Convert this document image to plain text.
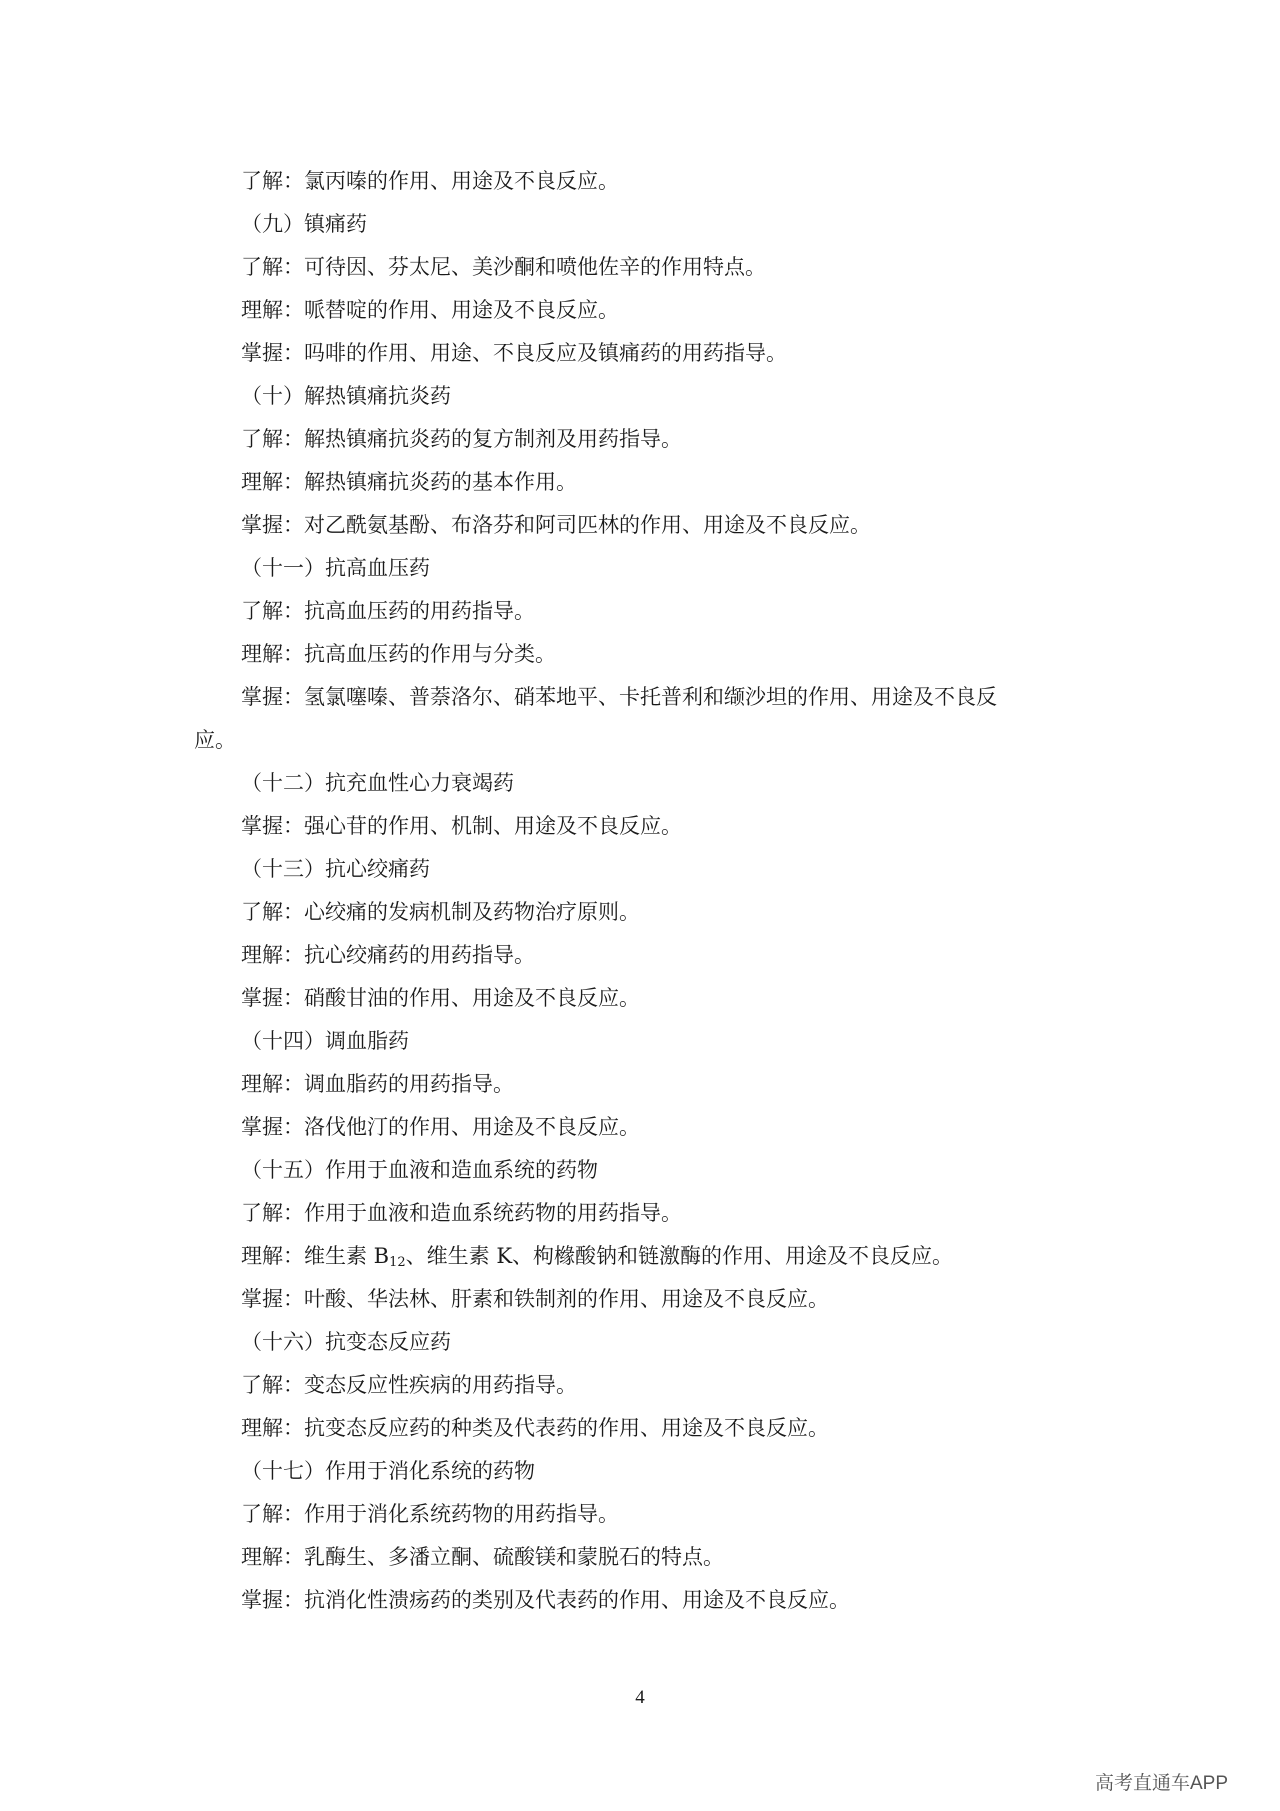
了解：氯丙嗪的作用、用途及不良反应。
（九）镇痛药
了解：可待因、芬太尼、美沙酮和喷他佐辛的作用特点。
理解：哌替啶的作用、用途及不良反应。
掌握：吗啡的作用、用途、不良反应及镇痛药的用药指导。
（十）解热镇痛抗炎药
了解：解热镇痛抗炎药的复方制剂及用药指导。
理解：解热镇痛抗炎药的基本作用。
掌握：对乙酰氨基酚、布洛芬和阿司匹林的作用、用途及不良反应。
（十一）抗高血压药
了解：抗高血压药的用药指导。
理解：抗高血压药的作用与分类。
掌握：氢氯噻嗪、普萘洛尔、硝苯地平、卡托普利和缬沙坦的作用、用途及不良反
应。
（十二）抗充血性心力衰竭药
掌握：强心苷的作用、机制、用途及不良反应。
（十三）抗心绞痛药
了解：心绞痛的发病机制及药物治疗原则。
理解：抗心绞痛药的用药指导。
掌握：硝酸甘油的作用、用途及不良反应。
（十四）调血脂药
理解：调血脂药的用药指导。
掌握：洛伐他汀的作用、用途及不良反应。
（十五）作用于血液和造血系统的药物
了解：作用于血液和造血系统药物的用药指导。
理解：维生素 $B_{12}$、维生素 K、枸橼酸钠和链激酶的作用、用途及不良反应。
掌握：叶酸、华法林、肝素和铁制剂的作用、用途及不良反应。
（十六）抗变态反应药
了解：变态反应性疾病的用药指导。
理解：抗变态反应药的种类及代表药的作用、用途及不良反应。
（十七）作用于消化系统的药物
了解：作用于消化系统药物的用药指导。
理解：乳酶生、多潘立酮、硫酸镁和蒙脱石的特点。
掌握：抗消化性溃疡药的类别及代表药的作用、用途及不良反应。
4
高考直通车APP
